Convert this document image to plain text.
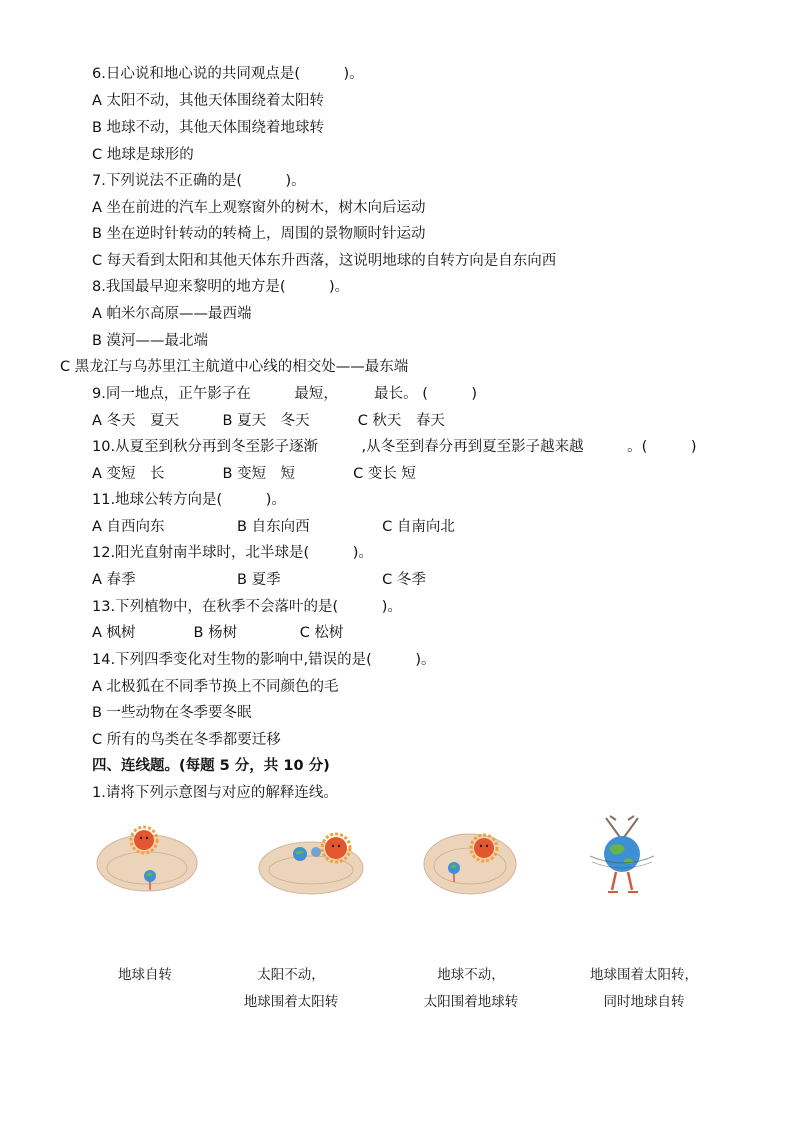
6.日心说和地心说的共同观点是(　　　)。
A 太阳不动，其他天体围绕着太阳转
B 地球不动，其他天体围绕着地球转
C 地球是球形的
7.下列说法不正确的是(　　　)。
A 坐在前进的汽车上观察窗外的树木，树木向后运动
B 坐在逆时针转动的转椅上，周围的景物顺时针运动
C 每天看到太阳和其他天体东升西落，这说明地球的自转方向是自东向西
8.我国最早迎来黎明的地方是(　　　)。
A 帕米尔高原——最西端
B 漠河——最北端
C 黑龙江与乌苏里江主航道中心线的相交处——最东端
9.同一地点，正午影子在　　　最短，　　　最长。 (　　　)
A 冬天　夏天　　　B 夏天　冬天　　　 C 秋天　春天
10.从夏至到秋分再到冬至影子逐渐　　　,从冬至到春分再到夏至影子越来越　　　。(　　　)
A 变短　长　　　　B 变短　短　　　　C 变长 短
11.地球公转方向是(　　　)。
A 自西向东　　　　　B 自东向西　　　　　C 自南向北
12.阳光直射南半球时，北半球是(　　　)。
A 春季　　　　　　　B 夏季　　　　　　　C 冬季
13.下列植物中，在秋季不会落叶的是(　　　)。
A 枫树　　　　B 杨树　　　　 C 松树
14.下列四季变化对生物的影响中,错误的是(　　　)。
A 北极狐在不同季节换上不同颜色的毛
B 一些动物在冬季要冬眠
C 所有的鸟类在冬季都要迁移
四、连线题。(每题 5 分，共 10 分)
1.请将下列示意图与对应的解释连线。
地球自转	太阳不动，
地球围着太阳转
地球不动，
太阳围着地球转
地球围着太阳转，
同时地球自转
